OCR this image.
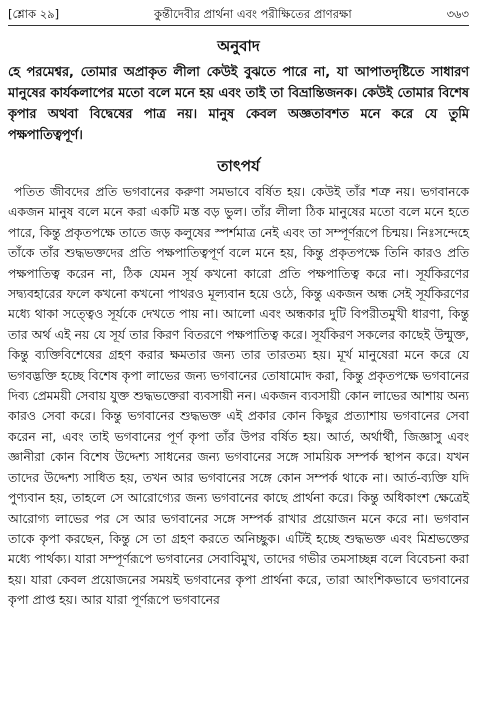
[শ্লোক ২৯]	কুন্তীদেবীর প্রার্থনা এবং পরীক্ষিতের প্রাণরক্ষা	৩৬৩
অনুবাদ

হে পরমেশ্বর, তোমার অপ্রাকৃত লীলা কেউই বুঝতে পারে না, যা আপাতদৃষ্টিতে সাধারণ মানুষের কার্যকলাপের মতো বলে মনে হয় এবং তাই তা বিভ্রান্তিজনক। কেউই তোমার বিশেষ কৃপার অথবা বিদ্বেষের পাত্র নয়। মানুষ কেবল অজ্ঞতাবশত মনে করে যে তুমি পক্ষপাতিত্বপূর্ণ।

তাৎপর্য

পতিত জীবদের প্রতি ভগবানের করুণা সমভাবে বর্ষিত হয়। কেউই তাঁর শত্রু নয়। ভগবানকে একজন মানুষ বলে মনে করা একটি মস্ত বড় ভুল। তাঁর লীলা ঠিক মানুষের মতো বলে মনে হতে পারে, কিন্তু প্রকৃতপক্ষে তাতে জড় কলুষের স্পর্শমাত্র নেই এবং তা সম্পূর্ণরূপে চিন্ময়। নিঃসন্দেহে তাঁকে তাঁর শুদ্ধভক্তদের প্রতি পক্ষপাতিত্বপূর্ণ বলে মনে হয়, কিন্তু প্রকৃতপক্ষে তিনি কারও প্রতি পক্ষপাতিত্ব করেন না, ঠিক যেমন সূর্য কখনো কারো প্রতি পক্ষপাতিত্ব করে না। সূর্যকিরণের সদ্ব্যবহারের ফলে কখনো কখনো পাথরও মূল্যবান হয়ে ওঠে, কিন্তু একজন অন্ধ সেই সূর্যকিরণের মধ্যে থাকা সত্ত্বেও সূর্যকে দেখতে পায় না। আলো এবং অন্ধকার দুটি বিপরীতমুখী ধারণা, কিন্তু তার অর্থ এই নয় যে সূর্য তার কিরণ বিতরণে পক্ষপাতিত্ব করে। সূর্যকিরণ সকলের কাছেই উন্মুক্ত, কিন্তু ব্যক্তিবিশেষের গ্রহণ করার ক্ষমতার জন্য তার তারতম্য হয়। মূর্খ মানুষেরা মনে করে যে ভগবদ্ভক্তি হচ্ছে বিশেষ কৃপা লাভের জন্য ভগবানের তোষামোদ করা, কিন্তু প্রকৃতপক্ষে ভগবানের দিব্য প্রেমময়ী সেবায় যুক্ত শুদ্ধভক্তেরা ব্যবসায়ী নন। একজন ব্যবসায়ী কোন লাভের আশায় অন্য কারও সেবা করে। কিন্তু ভগবানের শুদ্ধভক্ত এই প্রকার কোন কিছুর প্রত্যাশায় ভগবানের সেবা করেন না, এবং তাই ভগবানের পূর্ণ কৃপা তাঁর উপর বর্ষিত হয়। আর্ত, অর্থার্থী, জিজ্ঞাসু এবং জ্ঞানীরা কোন বিশেষ উদ্দেশ্য সাধনের জন্য ভগবানের সঙ্গে সাময়িক সম্পর্ক স্থাপন করে। যখন তাদের উদ্দেশ্য সাধিত হয়, তখন আর ভগবানের সঙ্গে কোন সম্পর্ক থাকে না। আর্ত-ব্যক্তি যদি পুণ্যবান হয়, তাহলে সে আরোগ্যের জন্য ভগবানের কাছে প্রার্থনা করে। কিন্তু অধিকাংশ ক্ষেত্রেই আরোগ্য লাভের পর সে আর ভগবানের সঙ্গে সম্পর্ক রাখার প্রয়োজন মনে করে না। ভগবান তাকে কৃপা করছেন, কিন্তু সে তা গ্রহণ করতে অনিচ্ছুক। এটিই হচ্ছে শুদ্ধভক্ত এবং মিশ্রভক্তের মধ্যে পার্থক্য। যারা সম্পূর্ণরূপে ভগবানের সেবাবিমুখ, তাদের গভীর তমসাচ্ছন্ন বলে বিবেচনা করা হয়। যারা কেবল প্রয়োজনের সময়ই ভগবানের কৃপা প্রার্থনা করে, তারা আংশিকভাবে ভগবানের কৃপা প্রাপ্ত হয়। আর যারা পূর্ণরূপে ভগবানের
